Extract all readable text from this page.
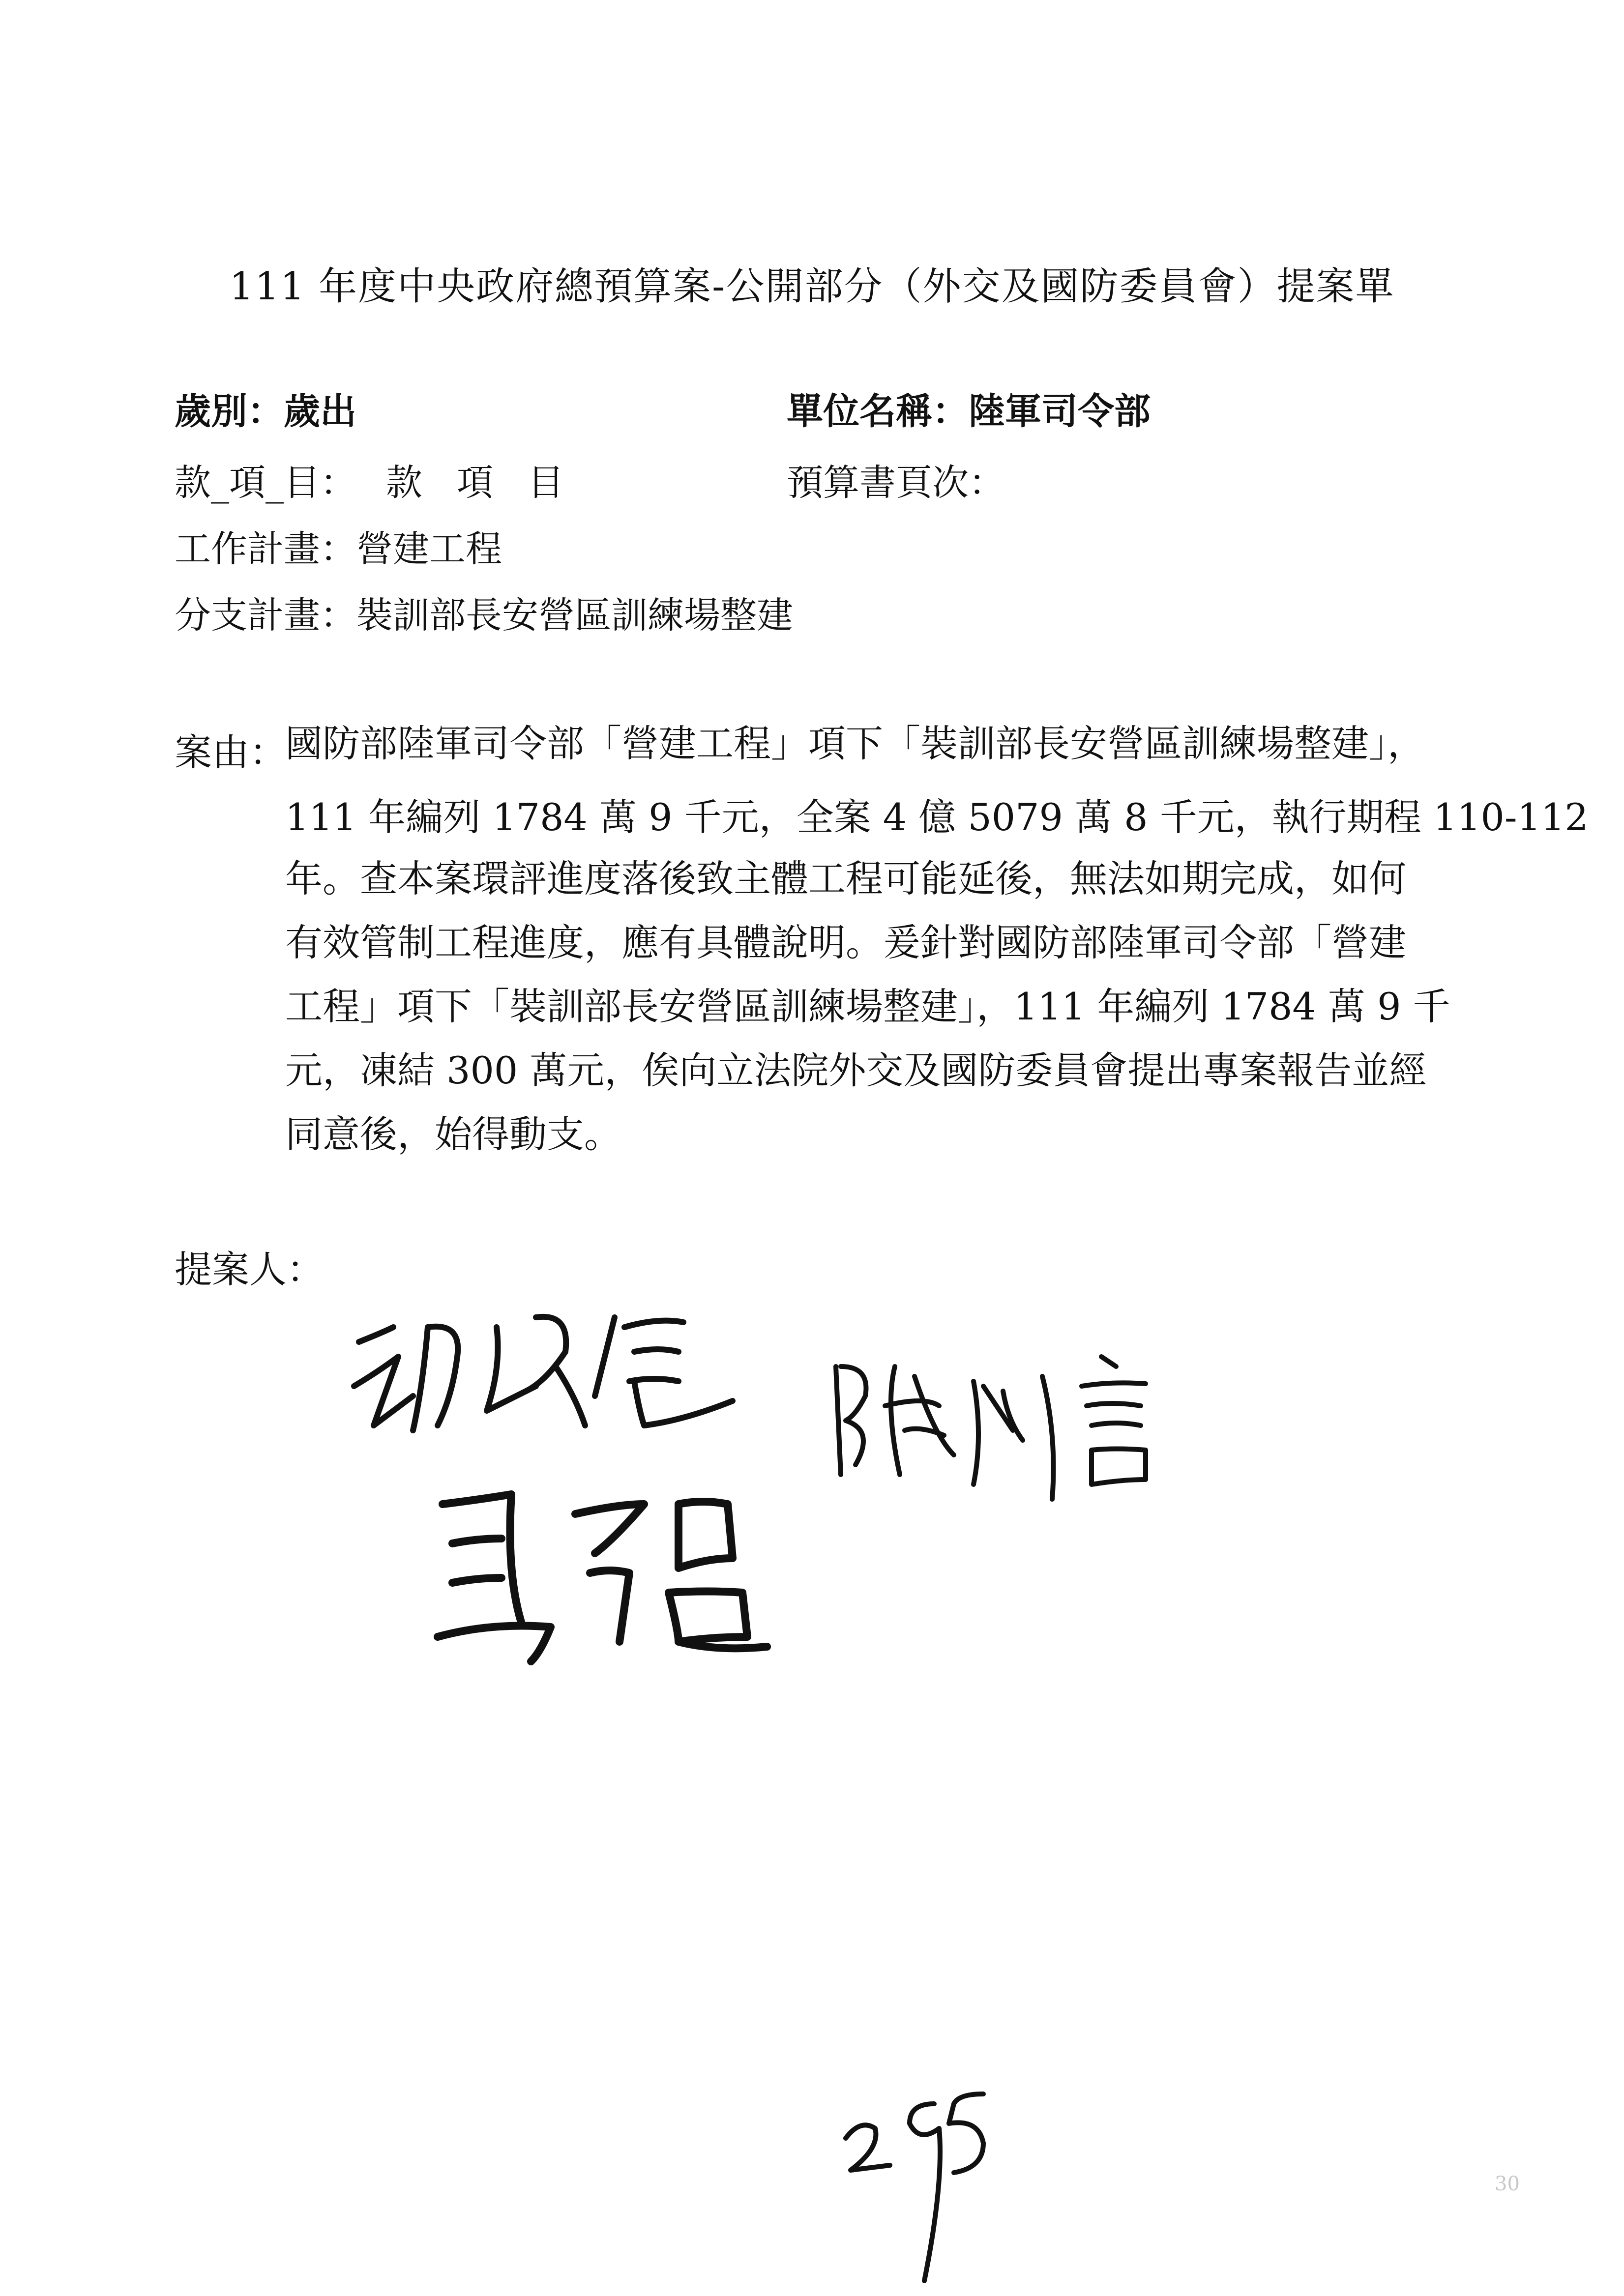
111 年度中央政府總預算案-公開部分（外交及國防委員會）提案單
歲別：歲出	單位名稱：陸軍司令部
款_項_目： 款 項 目	預算書頁次：
工作計畫：營建工程
分支計畫：裝訓部長安營區訓練場整建
案由：
國防部陸軍司令部「營建工程」項下「裝訓部長安營區訓練場整建」，
111 年編列 1784 萬 9 千元，全案 4 億 5079 萬 8 千元，執行期程 110-112
年。查本案環評進度落後致主體工程可能延後，無法如期完成，如何
有效管制工程進度，應有具體說明。爰針對國防部陸軍司令部「營建
工程」項下「裝訓部長安營區訓練場整建」，111 年編列 1784 萬 9 千
元，凍結 300 萬元，俟向立法院外交及國防委員會提出專案報告並經
同意後，始得動支。
提案人：
30
